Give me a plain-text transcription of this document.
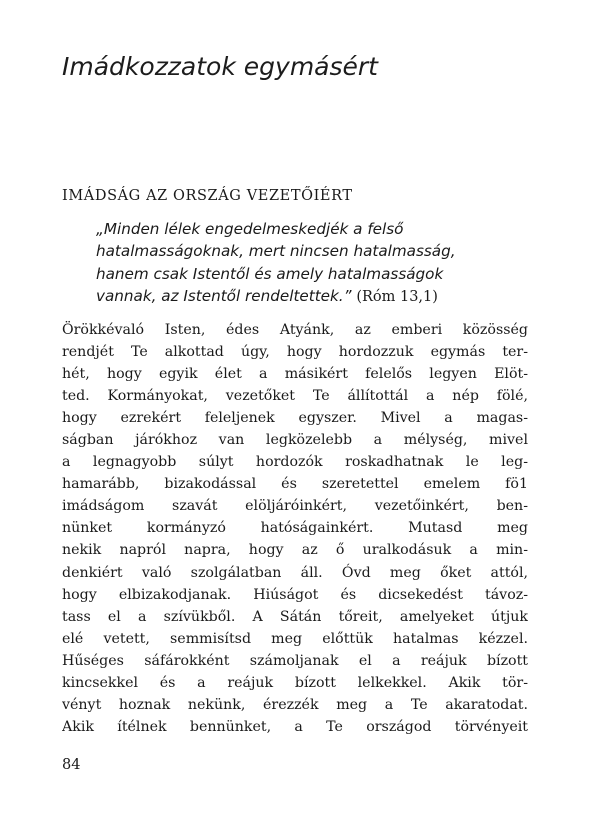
Imádkozzatok egymásért
IMÁDSÁG AZ ORSZÁG VEZETŐIÉRT
„Minden lélek engedelmeskedjék a felső
hatalmasságoknak, mert nincsen hatalmasság,
hanem csak Istentől és amely hatalmasságok
vannak, az Istentől rendeltettek.” (Róm 13,1)
Örökkévaló Isten, édes Atyánk, az emberi közösség
rendjét Te alkottad úgy, hogy hordozzuk egymás ter-
hét, hogy egyik élet a másikért felelős legyen Elöt-
ted. Kormányokat, vezetőket Te állítottál a nép fölé,
hogy ezrekért feleljenek egyszer. Mivel a magas-
ságban járókhoz van legközelebb a mélység, mivel
a legnagyobb súlyt hordozók roskadhatnak le leg-
hamarább, bizakodással és szeretettel emelem fö1
imádságom szavát elöljáróinkért, vezetőinkért, ben-
nünket kormányzó hatóságainkért. Mutasd meg
nekik napról napra, hogy az ő uralkodásuk a min-
denkiért való szolgálatban áll. Óvd meg őket attól,
hogy elbizakodjanak. Hiúságot és dicsekedést távoz-
tass el a szívükből. A Sátán tőreit, amelyeket útjuk
elé vetett, semmisítsd meg előttük hatalmas kézzel.
Hűséges sáfárokként számoljanak el a reájuk bízott
kincsekkel és a reájuk bízott lelkekkel. Akik tör-
vényt hoznak nekünk, érezzék meg a Te akaratodat.
Akik ítélnek bennünket, a Te országod törvényeit

84
